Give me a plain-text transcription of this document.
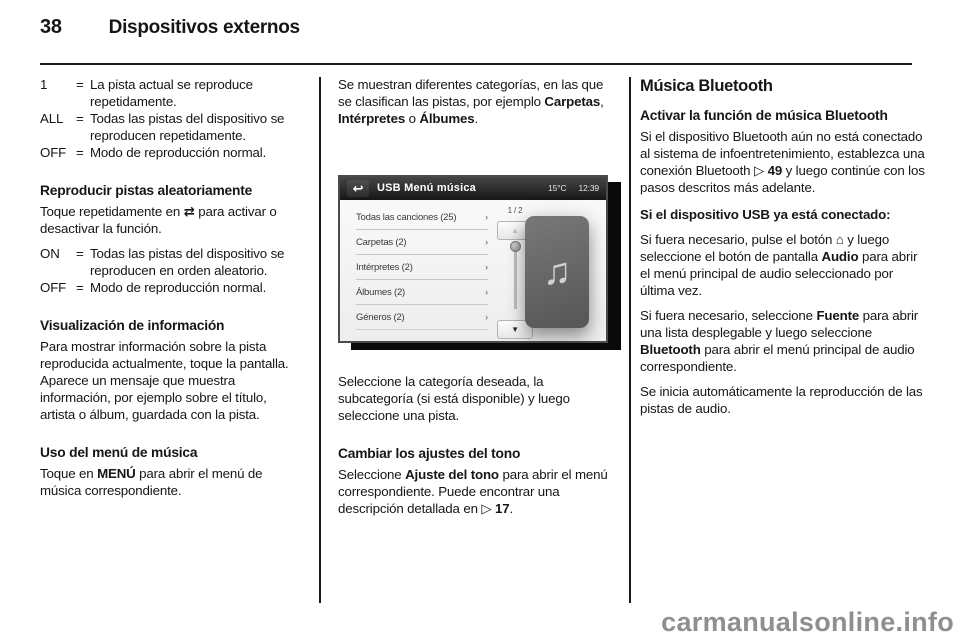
38 Dispositivos externos
1	= La pista actual se reproduce repetidamente.
ALL = Todas las pistas del dispositivo se reproducen repetidamente.
OFF = Modo de reproducción normal.
Reproducir pistas aleatoriamente

Toque repetidamente en ⇄ para activar o desactivar la función.

ON	= Todas las pistas del dispositivo se reproducen en orden aleatorio.
OFF = Modo de reproducción normal.
Visualización de información

Para mostrar información sobre la pista reproducida actualmente, toque la pantalla. Aparece un mensaje que muestra información, por ejemplo sobre el título, artista o álbum, guardada con la pista.

Uso del menú de música

Toque en MENÚ para abrir el menú de música correspondiente.

Se muestran diferentes categorías, en las que se clasifican las pistas, por ejemplo Carpetas, Intérpretes o Álbumes.

↩ USB Menú música	15°C 12:39
Todas las canciones (25)	›
Carpetas (2)	›
Intérpretes (2)	›
Álbumes (2)	›
Géneros (2)	›
1 / 2
▲
▼
♫

Seleccione la categoría deseada, la subcategoría (si está disponible) y luego seleccione una pista.

Cambiar los ajustes del tono

Seleccione Ajuste del tono para abrir el menú correspondiente. Puede encontrar una descripción detallada en ▷ 17.

Música Bluetooth
Activar la función de música Bluetooth

Si el dispositivo Bluetooth aún no está conectado al sistema de infoentretenimiento, establezca una conexión Bluetooth ▷ 49 y luego continúe con los pasos descritos más adelante.

Si el dispositivo USB ya está conectado:

Si fuera necesario, pulse el botón ⌂ y luego seleccione el botón de pantalla Audio para abrir el menú principal de audio seleccionado por última vez.

Si fuera necesario, seleccione Fuente para abrir una lista desplegable y luego seleccione Bluetooth para abrir el menú principal de audio correspondiente.

Se inicia automáticamente la reproducción de las pistas de audio.

carmanualsonline.info
